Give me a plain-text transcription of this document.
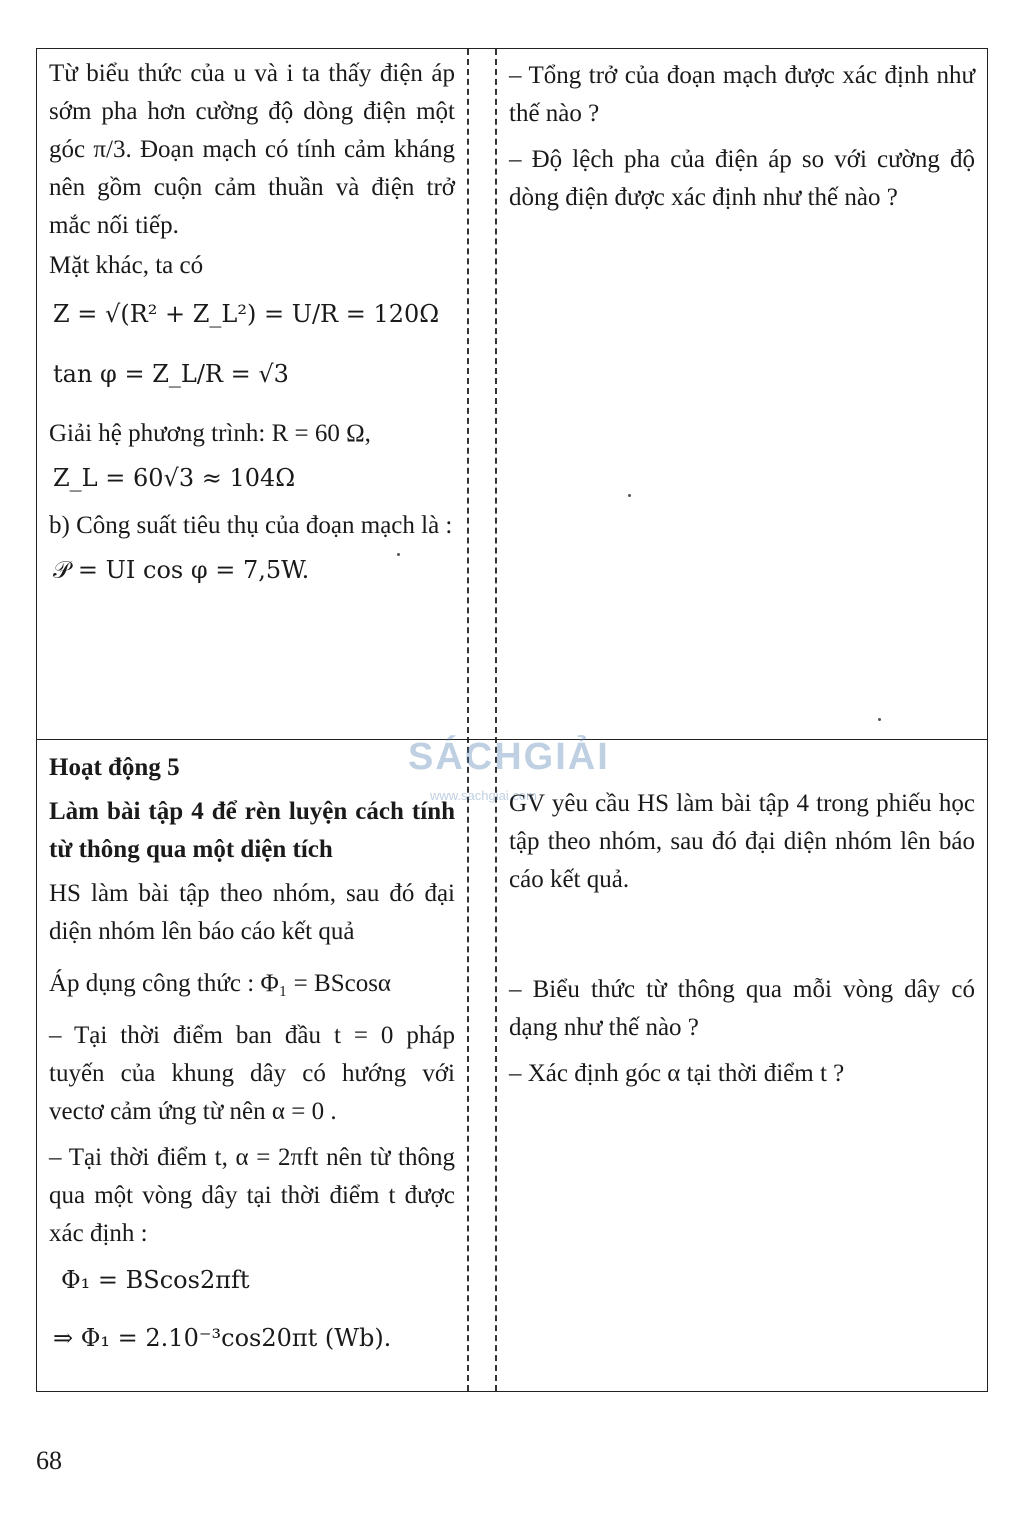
Từ biểu thức của u và i ta thấy điện áp sớm pha hơn cường độ dòng điện một góc π/3. Đoạn mạch có tính cảm kháng nên gồm cuộn cảm thuần và điện trở mắc nối tiếp.

Mặt khác, ta có

Z = √(R² + Z_L²) = U/R = 120Ω
tan φ = Z_L/R = √3

Giải hệ phương trình: R = 60 Ω,

Z_L = 60√3 ≈ 104Ω

b) Công suất tiêu thụ của đoạn mạch là :

𝒫 = UI cos φ = 7,5W.

– Tổng trở của đoạn mạch được xác định như thế nào ?

– Độ lệch pha của điện áp so với cường độ dòng điện được xác định như thế nào ?

Hoạt động 5

Làm bài tập 4 để rèn luyện cách tính từ thông qua một diện tích

HS làm bài tập theo nhóm, sau đó đại diện nhóm lên báo cáo kết quả

Áp dụng công thức : Φ₁ = BScosα

– Tại thời điểm ban đầu t = 0 pháp tuyến của khung dây có hướng với vectơ cảm ứng từ nên α = 0 .

– Tại thời điểm t, α = 2πft nên từ thông qua một vòng dây tại thời điểm t được xác định :

Φ₁ = BScos2πft
⇒ Φ₁ = 2.10⁻³cos20πt (Wb).

GV yêu cầu HS làm bài tập 4 trong phiếu học tập theo nhóm, sau đó đại diện nhóm lên báo cáo kết quả.

– Biểu thức từ thông qua mỗi vòng dây có dạng như thế nào ?

– Xác định góc α tại thời điểm t ?

SÁCHGIẢI
www.sachgiai.com
68
